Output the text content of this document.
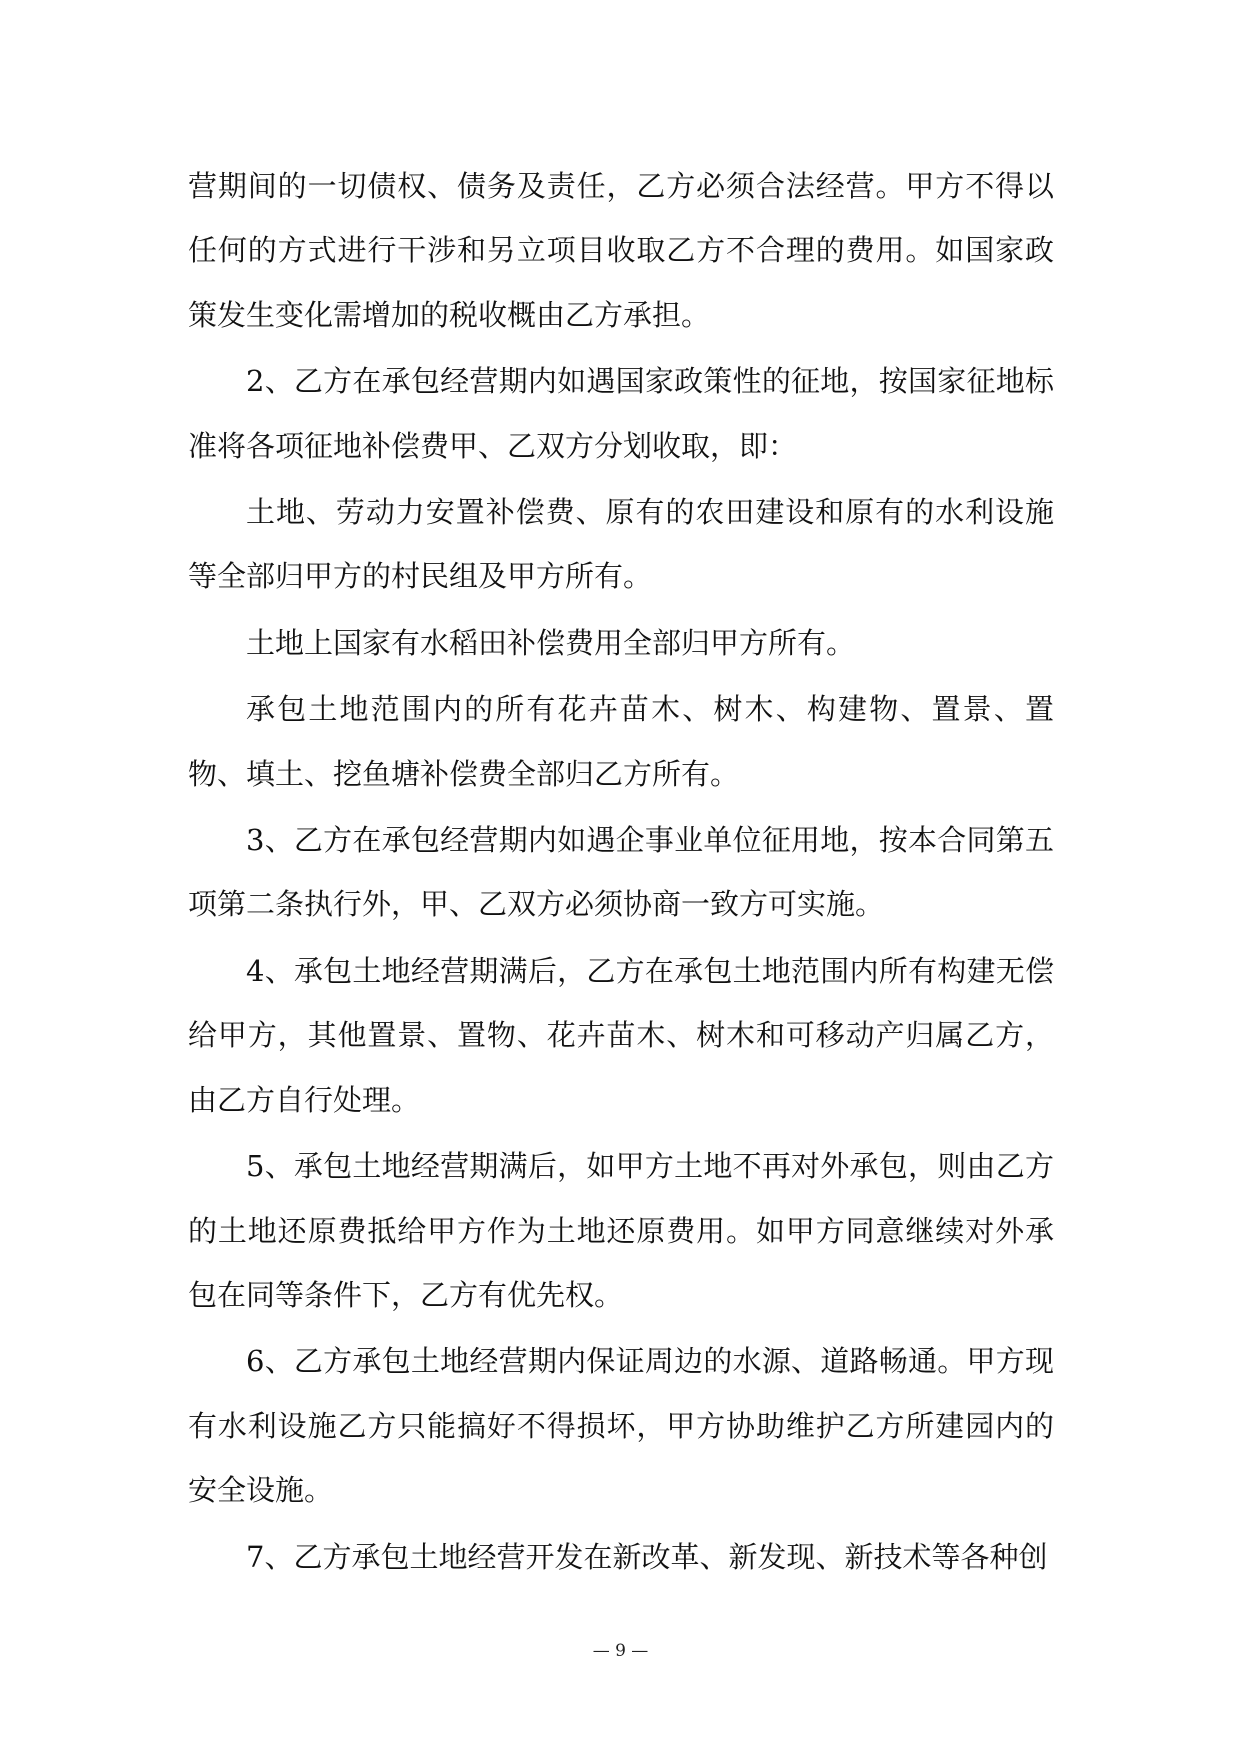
营期间的一切债权、债务及责任，乙方必须合法经营。甲方不得以任何的方式进行干涉和另立项目收取乙方不合理的费用。如国家政策发生变化需增加的税收概由乙方承担。

2、乙方在承包经营期内如遇国家政策性的征地，按国家征地标准将各项征地补偿费甲、乙双方分划收取，即：

土地、劳动力安置补偿费、原有的农田建设和原有的水利设施等全部归甲方的村民组及甲方所有。

土地上国家有水稻田补偿费用全部归甲方所有。

承包土地范围内的所有花卉苗木、树木、构建物、置景、置物、填土、挖鱼塘补偿费全部归乙方所有。

3、乙方在承包经营期内如遇企事业单位征用地，按本合同第五项第二条执行外，甲、乙双方必须协商一致方可实施。

4、承包土地经营期满后，乙方在承包土地范围内所有构建无偿给甲方，其他置景、置物、花卉苗木、树木和可移动产归属乙方，由乙方自行处理。

5、承包土地经营期满后，如甲方土地不再对外承包，则由乙方的土地还原费抵给甲方作为土地还原费用。如甲方同意继续对外承包在同等条件下，乙方有优先权。

6、乙方承包土地经营期内保证周边的水源、道路畅通。甲方现有水利设施乙方只能搞好不得损坏，甲方协助维护乙方所建园内的安全设施。

7、乙方承包土地经营开发在新改革、新发现、新技术等各种创

— 9 —
